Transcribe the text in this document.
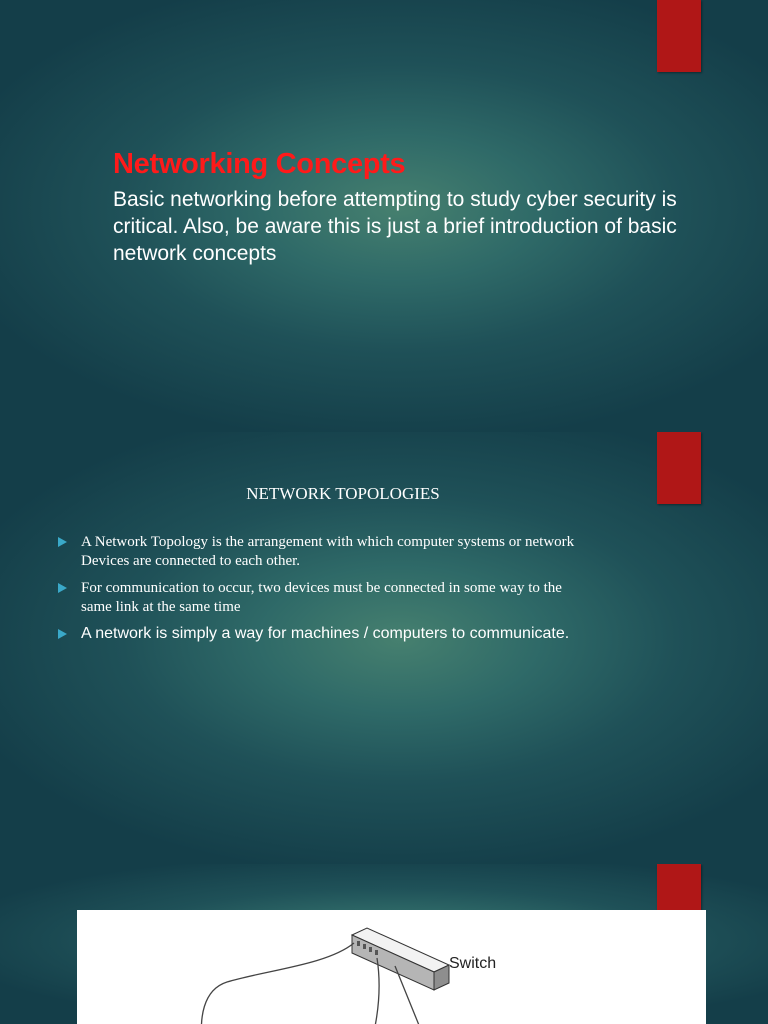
Networking Concepts

Basic networking before attempting to study cyber security is critical. Also, be aware this is just a brief introduction of basic network concepts

NETWORK TOPOLOGIES
A Network Topology is the arrangement with which computer systems or network
Devices are connected to each other.
For communication to occur, two devices must be connected in some way to the
same link at the same time
A network is simply a way for machines / computers to communicate.
Switch
